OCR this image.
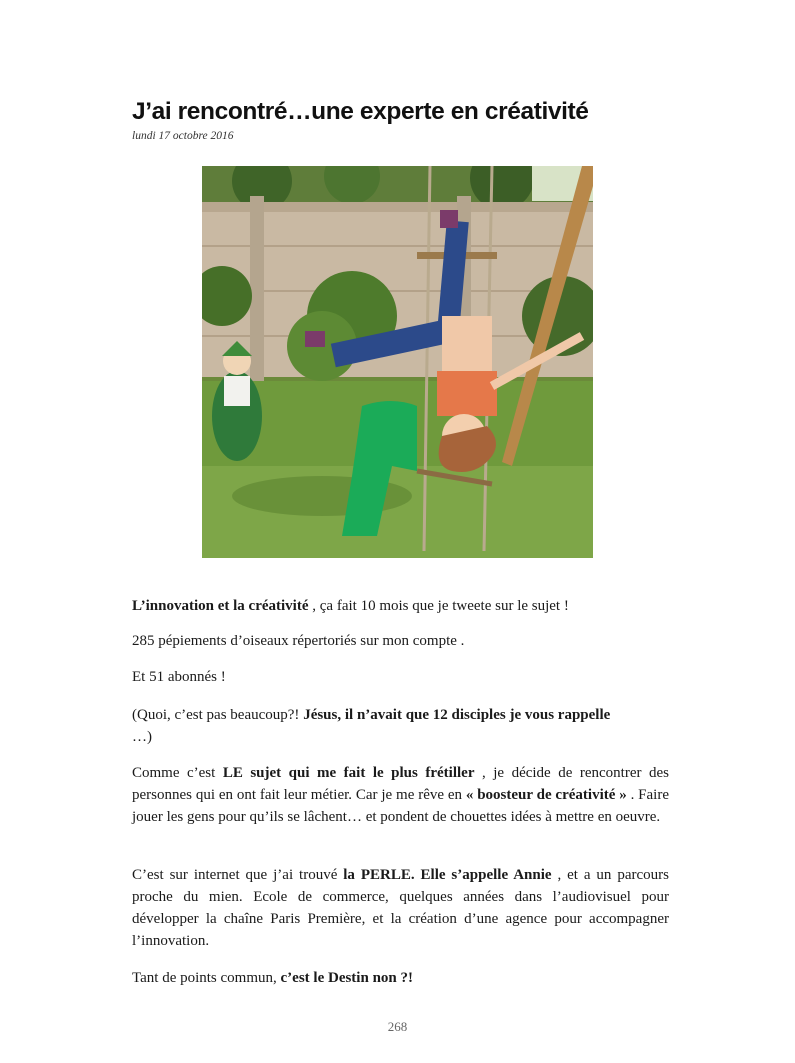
J’ai rencontré…une experte en créativité

lundi 17 octobre 2016

L’innovation et la créativité , ça fait 10 mois que je tweete sur le sujet !

285 pépiements d’oiseaux répertoriés sur mon compte .

Et 51 abonnés !

(Quoi, c’est pas beaucoup?! Jésus, il n’avait que 12 disciples je vous rappelle
…)

Comme c’est LE sujet qui me fait le plus frétiller , je décide de rencontrer des personnes qui en ont fait leur métier. Car je me rêve en « boosteur de créativité » . Faire jouer les gens pour qu’ils se lâchent… et pondent de chouettes idées à mettre en oeuvre.

C’est sur internet que j’ai trouvé la PERLE. Elle s’appelle Annie , et a un parcours proche du mien. Ecole de commerce, quelques années dans l’audiovisuel pour développer la chaîne Paris Première, et la création d’une agence pour accompagner l’innovation.

Tant de points commun, c’est le Destin non ?!

268
